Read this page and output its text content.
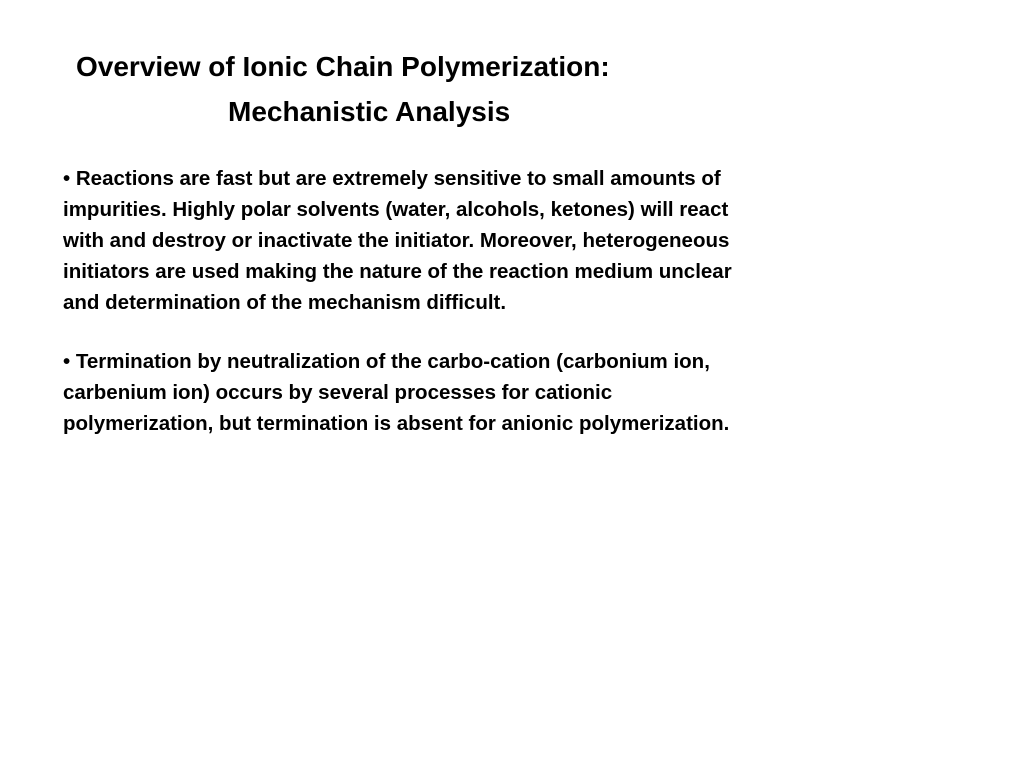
Overview of Ionic Chain Polymerization:
Mechanistic Analysis

• Reactions are fast but are extremely sensitive to small amounts of
impurities. Highly polar solvents (water, alcohols, ketones) will react
with and destroy or inactivate the initiator. Moreover, heterogeneous
initiators are used making the nature of the reaction medium unclear
and determination of the mechanism difficult.

• Termination by neutralization of the carbo-cation (carbonium ion,
carbenium ion) occurs by several processes for cationic
polymerization, but termination is absent for anionic polymerization.
